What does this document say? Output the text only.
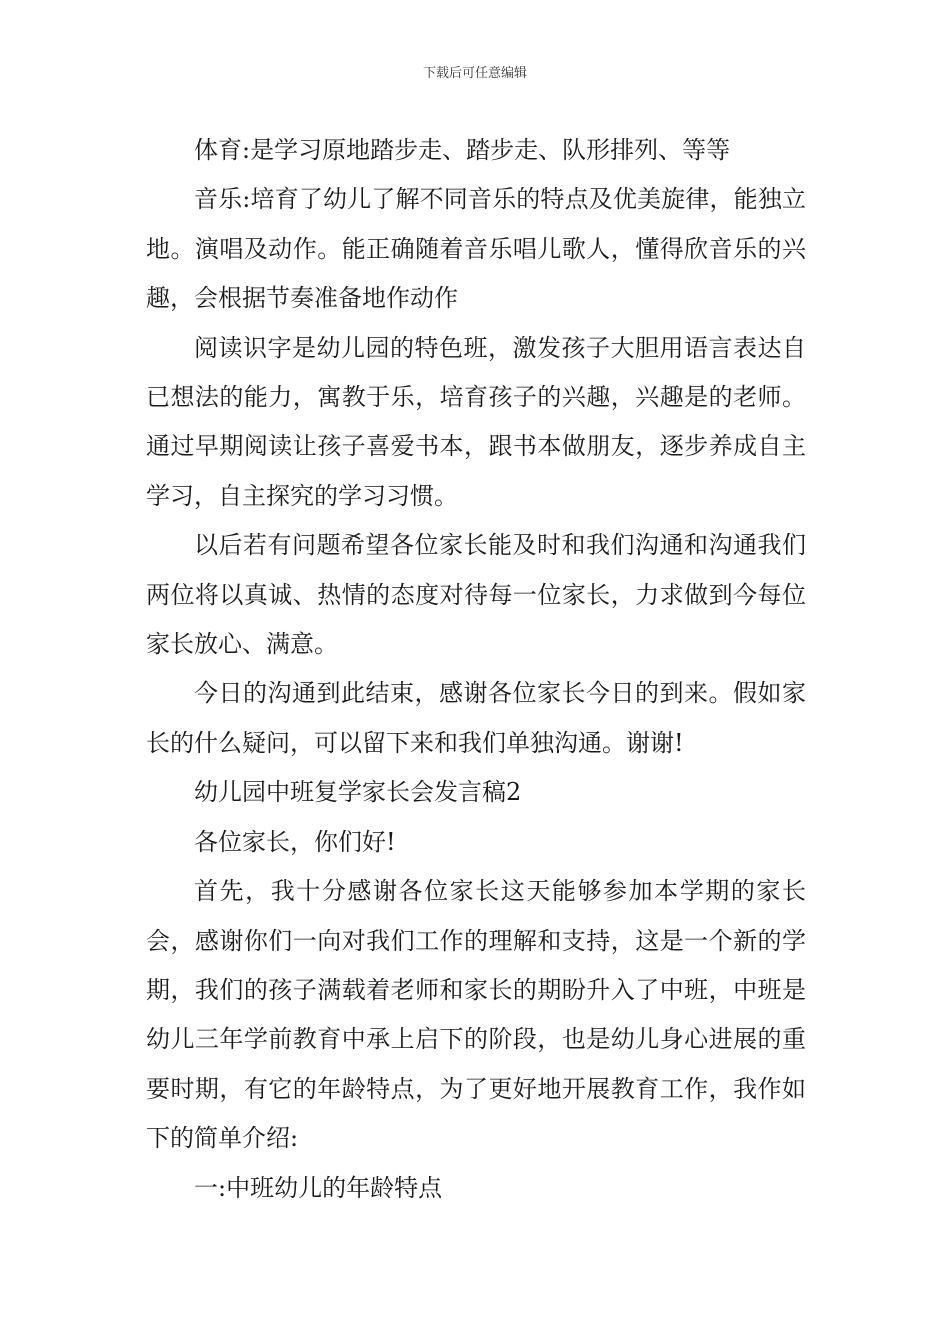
下载后可任意编辑

体育:是学习原地踏步走、踏步走、队形排列、等等

音乐:培育了幼儿了解不同音乐的特点及优美旋律，能独立地。演唱及动作。能正确随着音乐唱儿歌人，懂得欣音乐的兴趣，会根据节奏准备地作动作

阅读识字是幼儿园的特色班，激发孩子大胆用语言表达自已想法的能力，寓教于乐，培育孩子的兴趣，兴趣是的老师。通过早期阅读让孩子喜爱书本，跟书本做朋友，逐步养成自主学习，自主探究的学习习惯。

以后若有问题希望各位家长能及时和我们沟通和沟通我们两位将以真诚、热情的态度对待每一位家长，力求做到今每位家长放心、满意。

今日的沟通到此结束，感谢各位家长今日的到来。假如家长的什么疑问，可以留下来和我们单独沟通。谢谢!

幼儿园中班复学家长会发言稿2

各位家长，你们好!

首先，我十分感谢各位家长这天能够参加本学期的家长会，感谢你们一向对我们工作的理解和支持，这是一个新的学期，我们的孩子满载着老师和家长的期盼升入了中班，中班是幼儿三年学前教育中承上启下的阶段，也是幼儿身心进展的重要时期，有它的年龄特点，为了更好地开展教育工作，我作如下的简单介绍:

一:中班幼儿的年龄特点
